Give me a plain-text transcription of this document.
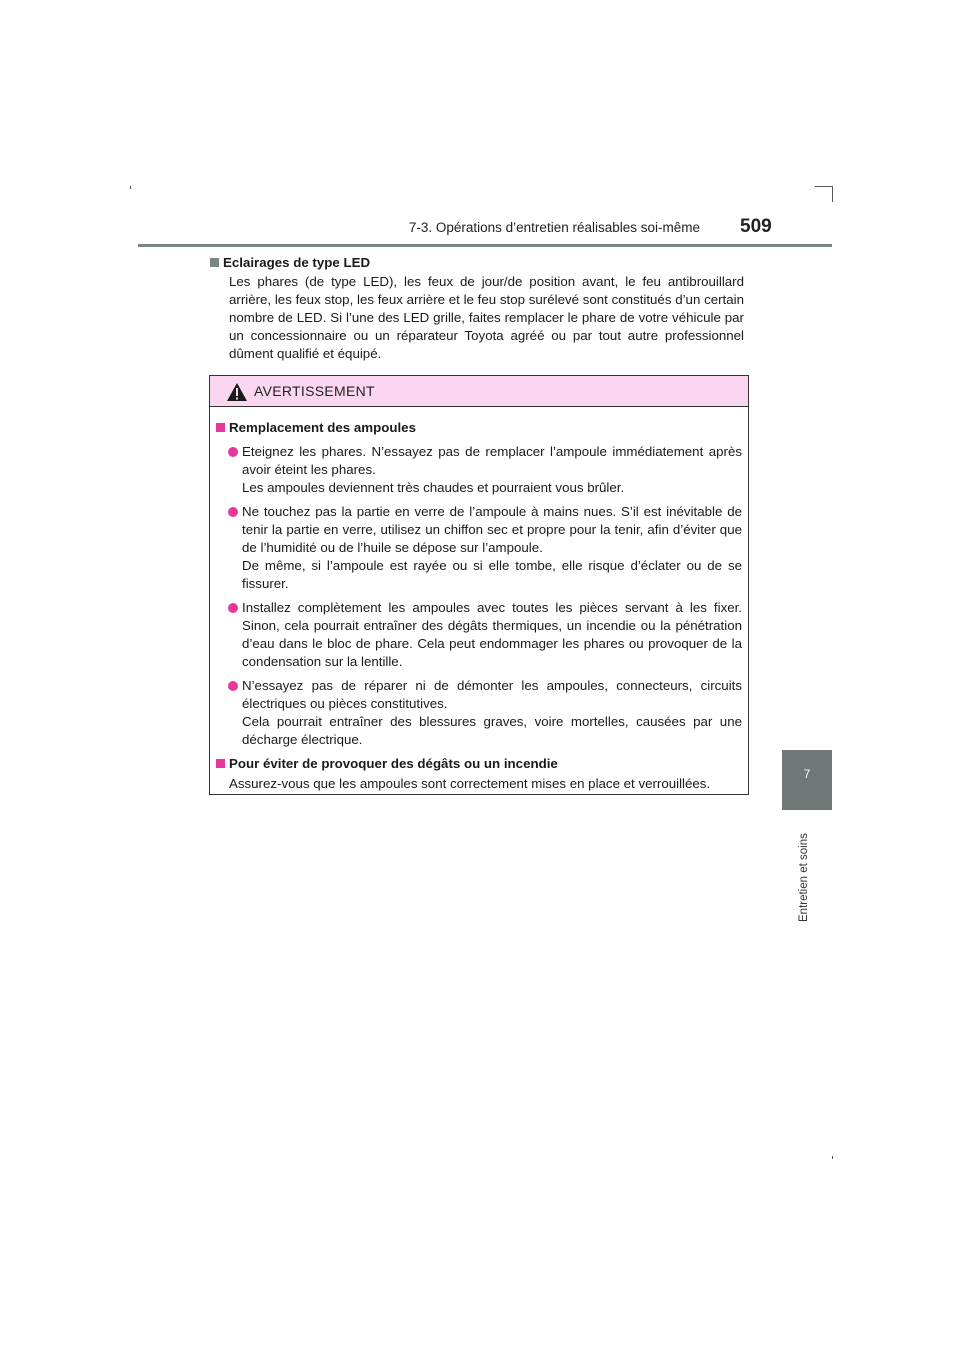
7-3. Opérations d’entretien réalisables soi-même 509
7
Entretien et soins
Eclairages de type LED

Les phares (de type LED), les feux de jour/de position avant, le feu antibrouillard arrière, les feux stop, les feux arrière et le feu stop surélevé sont constitués d’un certain nombre de LED. Si l’une des LED grille, faites remplacer le phare de votre véhicule par un concessionnaire ou un réparateur Toyota agréé ou par tout autre professionnel dûment qualifié et équipé.

AVERTISSEMENT
Remplacement des ampoules

Eteignez les phares. N’essayez pas de remplacer l’ampoule immédiatement après avoir éteint les phares.

Les ampoules deviennent très chaudes et pourraient vous brûler.

Ne touchez pas la partie en verre de l’ampoule à mains nues. S’il est inévitable de tenir la partie en verre, utilisez un chiffon sec et propre pour la tenir, afin d’éviter que de l’humidité ou de l’huile se dépose sur l’ampoule.

De même, si l’ampoule est rayée ou si elle tombe, elle risque d’éclater ou de se fissurer.

Installez complètement les ampoules avec toutes les pièces servant à les fixer. Sinon, cela pourrait entraîner des dégâts thermiques, un incendie ou la pénétration d’eau dans le bloc de phare. Cela peut endommager les phares ou provoquer de la condensation sur la lentille.

N’essayez pas de réparer ni de démonter les ampoules, connecteurs, circuits électriques ou pièces constitutives.

Cela pourrait entraîner des blessures graves, voire mortelles, causées par une décharge électrique.

Pour éviter de provoquer des dégâts ou un incendie
Assurez-vous que les ampoules sont correctement mises en place et verrouillées.
